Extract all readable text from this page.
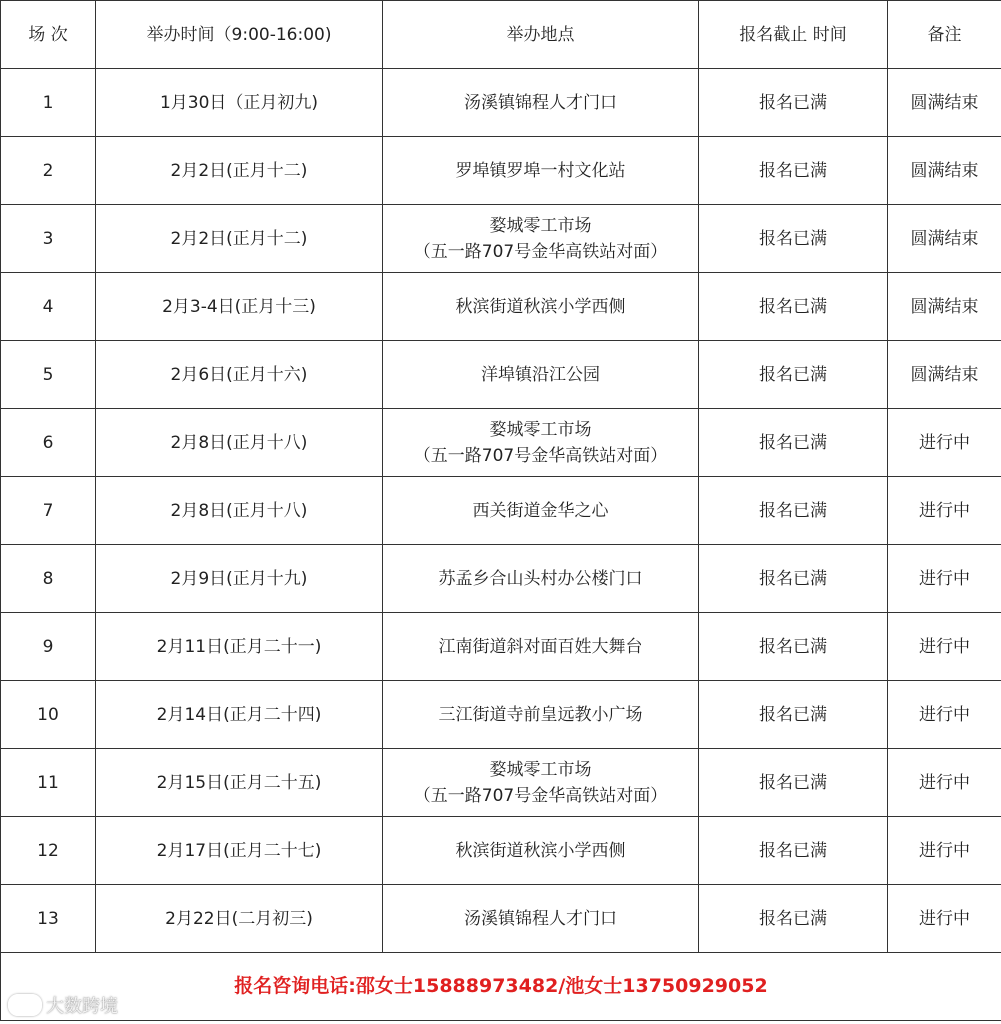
场 次	举办时间（9:00-16:00)	举办地点	报名截止 时间	备注
1	1月30日（正月初九)	汤溪镇锦程人才门口	报名已满	圆满结束
2	2月2日(正月十二)	罗埠镇罗埠一村文化站	报名已满	圆满结束
3	2月2日(正月十二)	婺城零工市场
（五一路707号金华高铁站对面）	报名已满	圆满结束
4	2月3-4日(正月十三)	秋滨街道秋滨小学西侧	报名已满	圆满结束
5	2月6日(正月十六)	洋埠镇沿江公园	报名已满	圆满结束
6	2月8日(正月十八)	婺城零工市场
（五一路707号金华高铁站对面）	报名已满	进行中
7	2月8日(正月十八)	西关街道金华之心	报名已满	进行中
8	2月9日(正月十九)	苏孟乡合山头村办公楼门口	报名已满	进行中
9	2月11日(正月二十一)	江南街道斜对面百姓大舞台	报名已满	进行中
10	2月14日(正月二十四)	三江街道寺前皇远教小广场	报名已满	进行中
11	2月15日(正月二十五)	婺城零工市场
（五一路707号金华高铁站对面）	报名已满	进行中
12	2月17日(正月二十七)	秋滨街道秋滨小学西侧	报名已满	进行中
13	2月22日(二月初三)	汤溪镇锦程人才门口	报名已满	进行中
报名咨询电话:邵女士15888973482/池女士13750929052				
大数跨境
